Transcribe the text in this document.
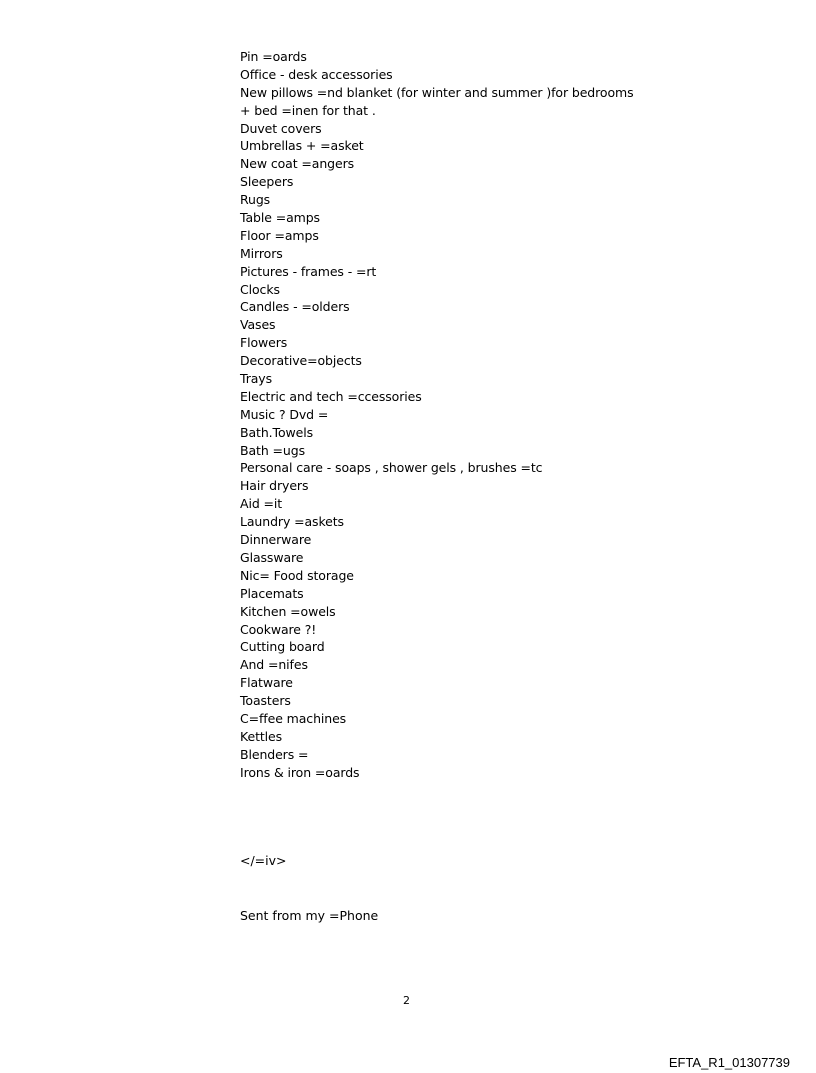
Pin =oards
Office - desk accessories
New pillows =nd blanket (for winter and summer )for bedrooms
+ bed =inen for that .
Duvet covers
Umbrellas + =asket
New coat =angers
Sleepers
Rugs
Table =amps
Floor =amps
Mirrors
Pictures - frames - =rt
Clocks
Candles - =olders
Vases
Flowers
Decorative=objects
Trays
Electric and tech =ccessories
Music ? Dvd =
Bath.Towels
Bath =ugs
Personal care - soaps , shower gels , brushes =tc
Hair dryers
Aid =it
Laundry =askets
Dinnerware
Glassware
Nic= Food storage
Placemats
Kitchen =owels
Cookware ?!
Cutting board
And =nifes
Flatware
Toasters
C=ffee machines
Kettles
Blenders =
Irons & iron =oards
</=iv>
Sent from my =Phone
2
EFTA_R1_01307739
